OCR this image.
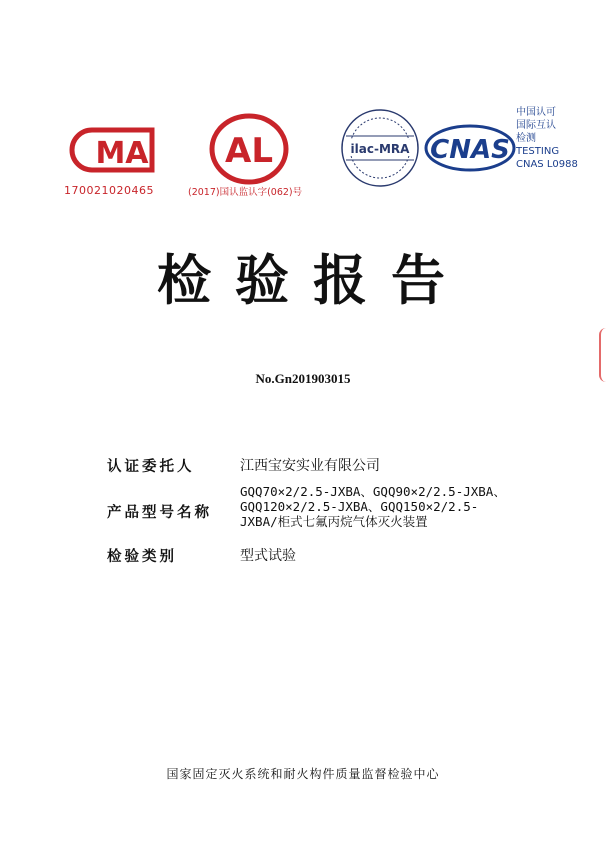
MA
170021020465
AL
(2017)国认监认字(062)号
ilac-MRA CNAS
中国认可
国际互认
检测
TESTING
CNAS L0988
检验报告
No.Gn201903015
认证委托人	江西宝安实业有限公司
产品型号名称
GQQ70×2/2.5-JXBA、GQQ90×2/2.5-JXBA、
GQQ120×2/2.5-JXBA、GQQ150×2/2.5-
JXBA/柜式七氟丙烷气体灭火装置
检验类别	型式试验
国家固定灭火系统和耐火构件质量监督检验中心
